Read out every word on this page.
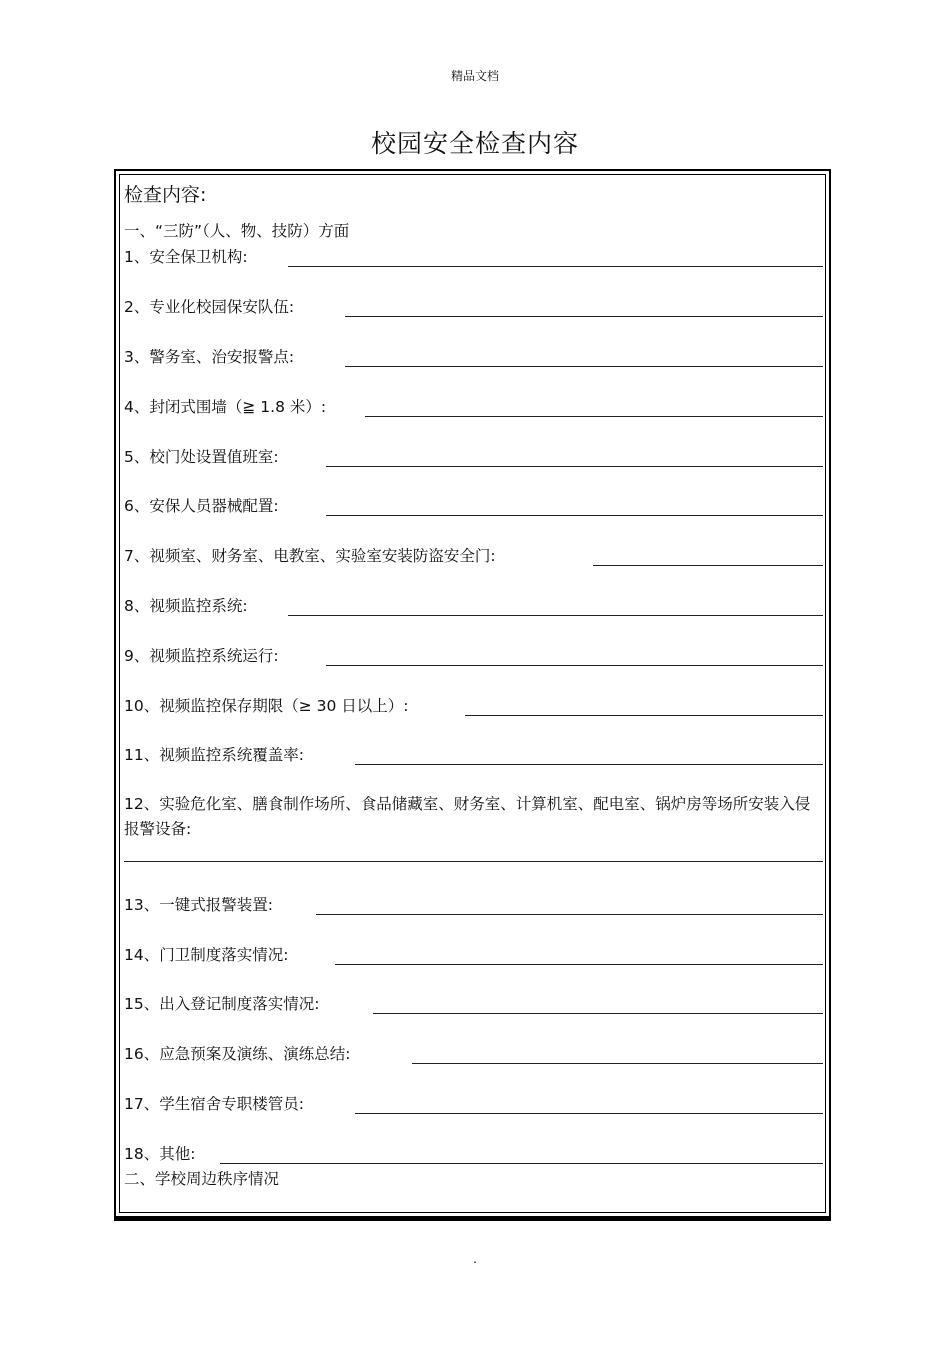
精品文档
校园安全检查内容
检查内容:
一、“三防”（人、物、技防）方面
1、安全保卫机构:
2、专业化校园保安队伍:
3、警务室、治安报警点:
4、封闭式围墙（≧ 1.8 米）:
5、校门处设置值班室:
6、安保人员器械配置:
7、视频室、财务室、电教室、实验室安装防盗安全门:
8、视频监控系统:
9、视频监控系统运行:
10、视频监控保存期限（≥ 30 日以上）:
11、视频监控系统覆盖率:
12、实验危化室、膳食制作场所、食品储藏室、财务室、计算机室、配电室、锅炉房等场所安装入侵报警设备:
13、一键式报警装置:
14、门卫制度落实情况:
15、出入登记制度落实情况:
16、应急预案及演练、演练总结:
17、学生宿舍专职楼管员:
18、其他:
二、学校周边秩序情况
.
